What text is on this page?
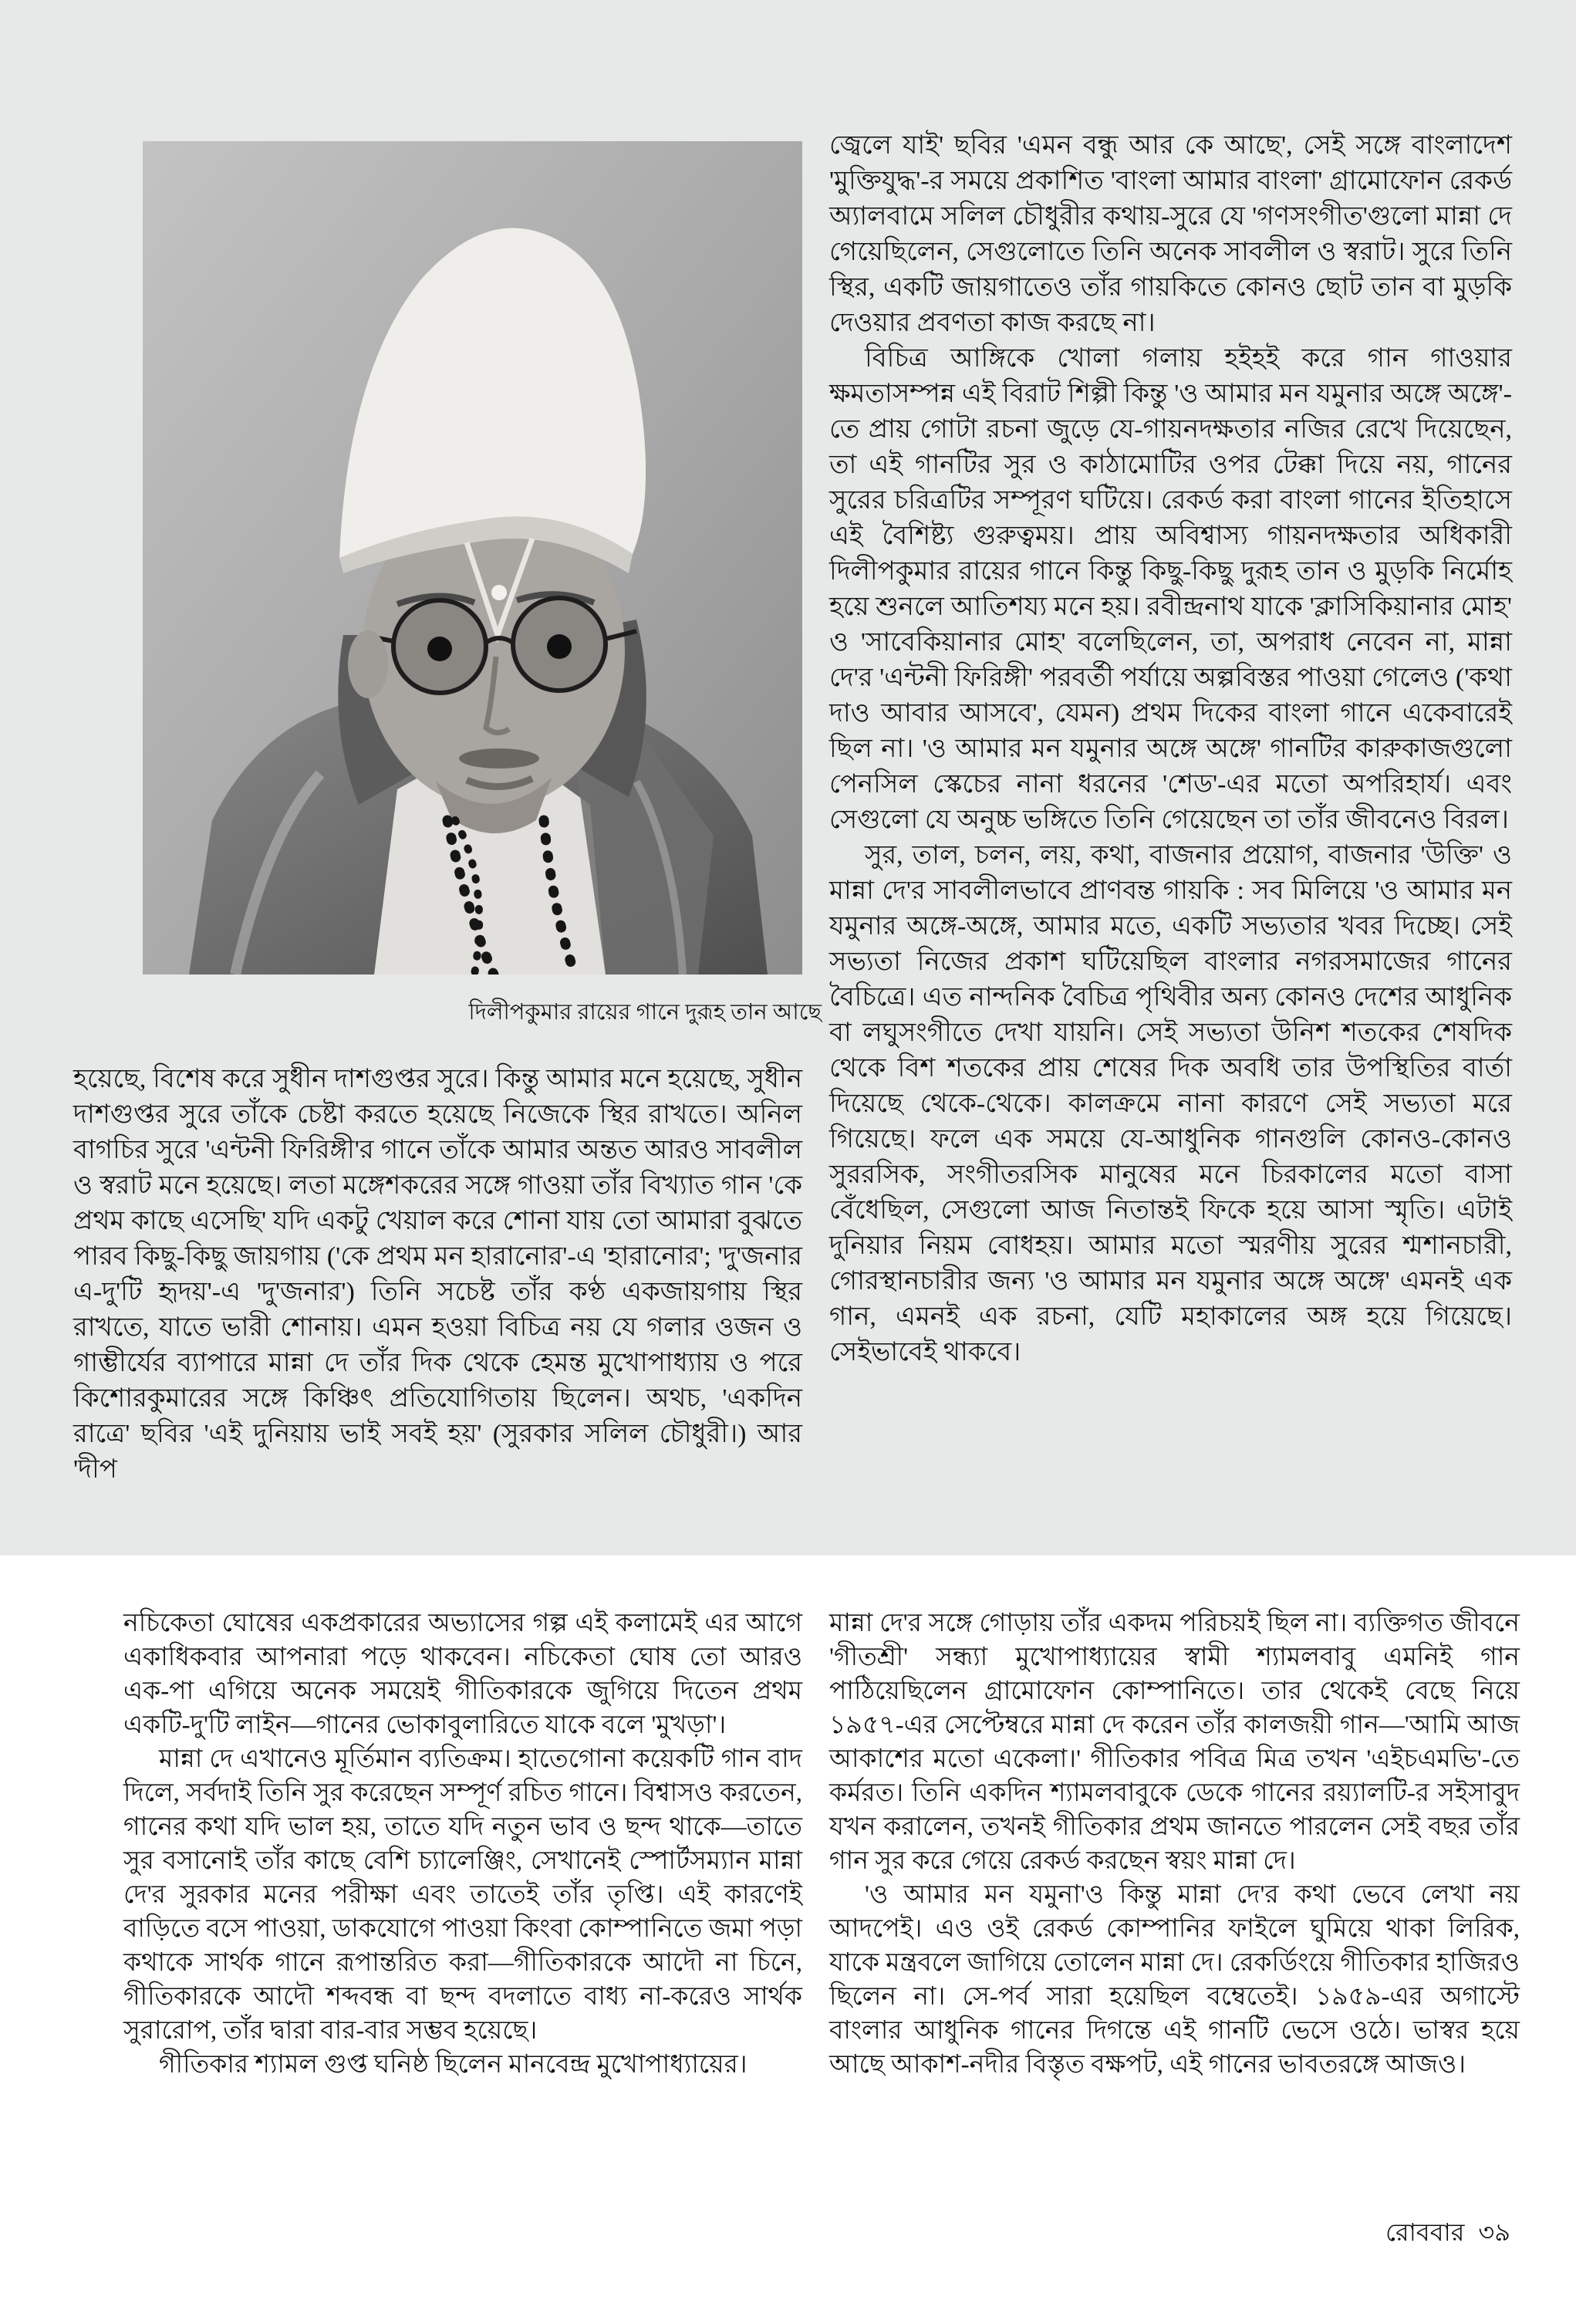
দিলীপকুমার রায়ের গানে দুরূহ তান আছে

হয়েছে, বিশেষ করে সুধীন দাশগুপ্তর সুরে। কিন্তু আমার মনে হয়েছে, সুধীন দাশগুপ্তর সুরে তাঁকে চেষ্টা করতে হয়েছে নিজেকে স্থির রাখতে। অনিল বাগচির সুরে 'এন্টনী ফিরিঙ্গী'র গানে তাঁকে আমার অন্তত আরও সাবলীল ও স্বরাট মনে হয়েছে। লতা মঙ্গেশকরের সঙ্গে গাওয়া তাঁর বিখ্যাত গান 'কে প্রথম কাছে এসেছি' যদি একটু খেয়াল করে শোনা যায় তো আমারা বুঝতে পারব কিছু-কিছু জায়গায় ('কে প্রথম মন হারানোর'-এ 'হারানোর'; 'দু'জনার এ-দু'টি হৃদয়'-এ 'দু'জনার') তিনি সচেষ্ট তাঁর কণ্ঠ একজায়গায় স্থির রাখতে, যাতে ভারী শোনায়। এমন হওয়া বিচিত্র নয় যে গলার ওজন ও গাম্ভীর্যের ব্যাপারে মান্না দে তাঁর দিক থেকে হেমন্ত মুখোপাধ্যায় ও পরে কিশোরকুমারের সঙ্গে কিঞ্চিৎ প্রতিযোগিতায় ছিলেন। অথচ, 'একদিন রাত্রে' ছবির 'এই দুনিয়ায় ভাই সবই হয়' (সুরকার সলিল চৌধুরী।) আর 'দীপ

জ্বেলে যাই' ছবির 'এমন বন্ধু আর কে আছে', সেই সঙ্গে বাংলাদেশ 'মুক্তিযুদ্ধ'-র সময়ে প্রকাশিত 'বাংলা আমার বাংলা' গ্রামোফোন রেকর্ড অ্যালবামে সলিল চৌধুরীর কথায়-সুরে যে 'গণসংগীত'গুলো মান্না দে গেয়েছিলেন, সেগুলোতে তিনি অনেক সাবলীল ও স্বরাট। সুরে তিনি স্থির, একটি জায়গাতেও তাঁর গায়কিতে কোনও ছোট তান বা মুড়কি দেওয়ার প্রবণতা কাজ করছে না।

বিচিত্র আঙ্গিকে খোলা গলায় হইহই করে গান গাওয়ার ক্ষমতাসম্পন্ন এই বিরাট শিল্পী কিন্তু 'ও আমার মন যমুনার অঙ্গে অঙ্গে'-তে প্রায় গোটা রচনা জুড়ে যে-গায়নদক্ষতার নজির রেখে দিয়েছেন, তা এই গানটির সুর ও কাঠামোটির ওপর টেক্কা দিয়ে নয়, গানের সুরের চরিত্রটির সম্পূরণ ঘটিয়ে। রেকর্ড করা বাংলা গানের ইতিহাসে এই বৈশিষ্ট্য গুরুত্বময়। প্রায় অবিশ্বাস্য গায়নদক্ষতার অধিকারী দিলীপকুমার রায়ের গানে কিন্তু কিছু-কিছু দুরূহ তান ও মুড়কি নির্মোহ হয়ে শুনলে আতিশয্য মনে হয়। রবীন্দ্রনাথ যাকে 'ক্লাসিকিয়ানার মোহ' ও 'সাবেকিয়ানার মোহ' বলেছিলেন, তা, অপরাধ নেবেন না, মান্না দে'র 'এন্টনী ফিরিঙ্গী' পরবর্তী পর্যায়ে অল্পবিস্তর পাওয়া গেলেও ('কথা দাও আবার আসবে', যেমন) প্রথম দিকের বাংলা গানে একেবারেই ছিল না। 'ও আমার মন যমুনার অঙ্গে অঙ্গে' গানটির কারুকাজগুলো পেনসিল স্কেচের নানা ধরনের 'শেড'-এর মতো অপরিহার্য। এবং সেগুলো যে অনুচ্চ ভঙ্গিতে তিনি গেয়েছেন তা তাঁর জীবনেও বিরল।

সুর, তাল, চলন, লয়, কথা, বাজনার প্রয়োগ, বাজনার 'উক্তি' ও মান্না দে'র সাবলীলভাবে প্রাণবন্ত গায়কি : সব মিলিয়ে 'ও আমার মন যমুনার অঙ্গে-অঙ্গে, আমার মতে, একটি সভ্যতার খবর দিচ্ছে। সেই সভ্যতা নিজের প্রকাশ ঘটিয়েছিল বাংলার নগরসমাজের গানের বৈচিত্রে। এত নান্দনিক বৈচিত্র পৃথিবীর অন্য কোনও দেশের আধুনিক বা লঘুসংগীতে দেখা যায়নি। সেই সভ্যতা উনিশ শতকের শেষদিক থেকে বিশ শতকের প্রায় শেষের দিক অবধি তার উপস্থিতির বার্তা দিয়েছে থেকে-থেকে। কালক্রমে নানা কারণে সেই সভ্যতা মরে গিয়েছে। ফলে এক সময়ে যে-আধুনিক গানগুলি কোনও-কোনও সুররসিক, সংগীতরসিক মানুষের মনে চিরকালের মতো বাসা বেঁধেছিল, সেগুলো আজ নিতান্তই ফিকে হয়ে আসা স্মৃতি। এটাই দুনিয়ার নিয়ম বোধহয়। আমার মতো স্মরণীয় সুরের শ্মশানচারী, গোরস্থানচারীর জন্য 'ও আমার মন যমুনার অঙ্গে অঙ্গে' এমনই এক গান, এমনই এক রচনা, যেটি মহাকালের অঙ্গ হয়ে গিয়েছে। সেইভাবেই থাকবে।

নচিকেতা ঘোষের একপ্রকারের অভ্যাসের গল্প এই কলামেই এর আগে একাধিকবার আপনারা পড়ে থাকবেন। নচিকেতা ঘোষ তো আরও এক-পা এগিয়ে অনেক সময়েই গীতিকারকে জুগিয়ে দিতেন প্রথম একটি-দু'টি লাইন—গানের ভোকাবুলারিতে যাকে বলে 'মুখড়া'।

মান্না দে এখানেও মূর্তিমান ব্যতিক্রম। হাতেগোনা কয়েকটি গান বাদ দিলে, সর্বদাই তিনি সুর করেছেন সম্পূর্ণ রচিত গানে। বিশ্বাসও করতেন, গানের কথা যদি ভাল হয়, তাতে যদি নতুন ভাব ও ছন্দ থাকে—তাতে সুর বসানোই তাঁর কাছে বেশি চ্যালেঞ্জিং, সেখানেই স্পোর্টসম্যান মান্না দে'র সুরকার মনের পরীক্ষা এবং তাতেই তাঁর তৃপ্তি। এই কারণেই বাড়িতে বসে পাওয়া, ডাকযোগে পাওয়া কিংবা কোম্পানিতে জমা পড়া কথাকে সার্থক গানে রূপান্তরিত করা—গীতিকারকে আদৌ না চিনে, গীতিকারকে আদৌ শব্দবন্ধ বা ছন্দ বদলাতে বাধ্য না-করেও সার্থক সুরারোপ, তাঁর দ্বারা বার-বার সম্ভব হয়েছে।

গীতিকার শ্যামল গুপ্ত ঘনিষ্ঠ ছিলেন মানবেন্দ্র মুখোপাধ্যায়ের।

মান্না দে'র সঙ্গে গোড়ায় তাঁর একদম পরিচয়ই ছিল না। ব্যক্তিগত জীবনে 'গীতশ্রী' সন্ধ্যা মুখোপাধ্যায়ের স্বামী শ্যামলবাবু এমনিই গান পাঠিয়েছিলেন গ্রামোফোন কোম্পানিতে। তার থেকেই বেছে নিয়ে ১৯৫৭-এর সেপ্টেম্বরে মান্না দে করেন তাঁর কালজয়ী গান—'আমি আজ আকাশের মতো একেলা।' গীতিকার পবিত্র মিত্র তখন 'এইচএমভি'-তে কর্মরত। তিনি একদিন শ্যামলবাবুকে ডেকে গানের রয়্যালটি-র সইসাবুদ যখন করালেন, তখনই গীতিকার প্রথম জানতে পারলেন সেই বছর তাঁর গান সুর করে গেয়ে রেকর্ড করছেন স্বয়ং মান্না দে।

'ও আমার মন যমুনা'ও কিন্তু মান্না দে'র কথা ভেবে লেখা নয় আদপেই। এও ওই রেকর্ড কোম্পানির ফাইলে ঘুমিয়ে থাকা লিরিক, যাকে মন্ত্রবলে জাগিয়ে তোলেন মান্না দে। রেকর্ডিংয়ে গীতিকার হাজিরও ছিলেন না। সে-পর্ব সারা হয়েছিল বম্বেতেই। ১৯৫৯-এর অগাস্টে বাংলার আধুনিক গানের দিগন্তে এই গানটি ভেসে ওঠে। ভাস্বর হয়ে আছে আকাশ-নদীর বিস্তৃত বক্ষপট, এই গানের ভাবতরঙ্গে আজও।

রোববার ৩৯
